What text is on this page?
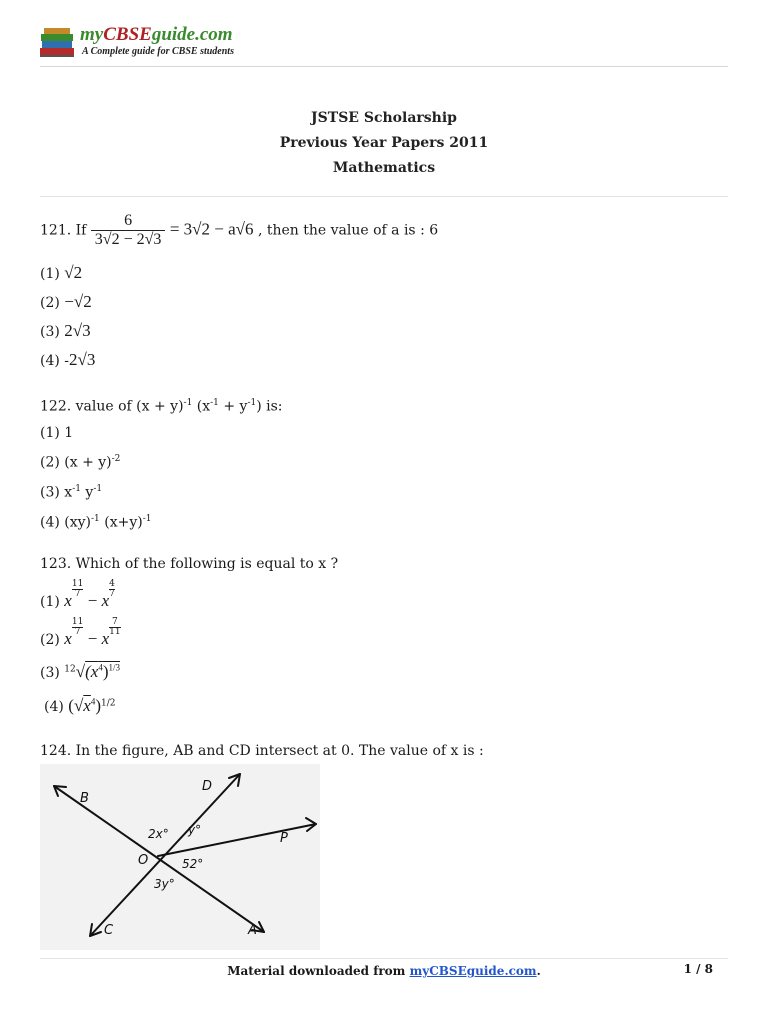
myCBSEguide.com
A Complete guide for CBSE students
JSTSE Scholarship
Previous Year Papers 2011
Mathematics
121. If $\frac{6}{3√2 - 2√3} = 3√2 - a√6$ , then the value of a is : 6
(1) √2
(2) −√2
(3) 2√3
(4) -2√3
122. value of $(x + y)^{-1}$ $(x^{-1} + y^{-1})$ is:
(1) 1
(2) $(x + y)^{-2}$
(3) $x^{-1}$ $y^{-1}$
(4) (xy)$^{-1}$ $(x+y)^{-1}$
123. Which of the following is equal to x ?
(1) $x\frac{11}{7}$
− $x\frac{4}{7}$
(2) $x\frac{11}{7}$
− $x\frac{7}{11}$
(3) $^{12}√(x^4)^{1/3}$
(4) $(√x^4)^{1/2}$
124. In the figure, AB and CD intersect at 0. The value of x is :
B
D
P
O
C	A
2x° y°
52°
3y°
Material downloaded from myCBSEguide.com.	1 / 8
